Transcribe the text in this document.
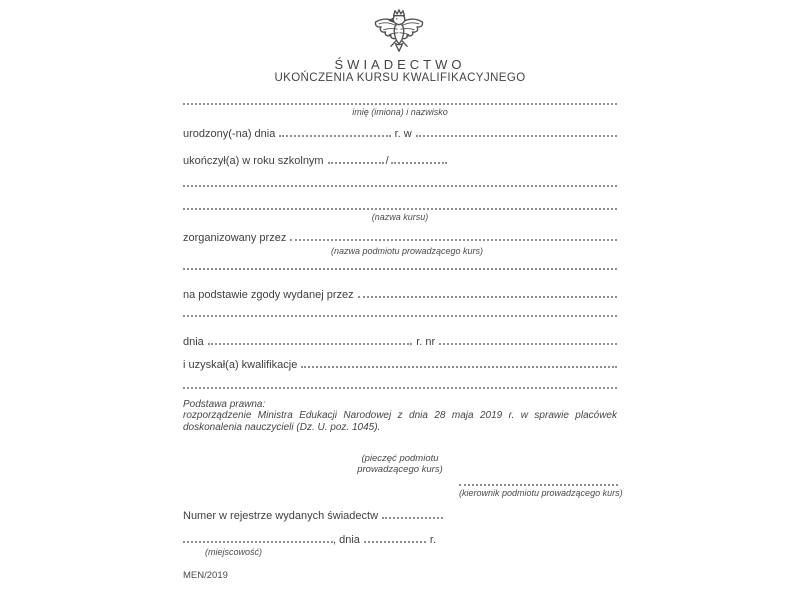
ŚWIADECTWO
UKOŃCZENIA KURSU KWALIFIKACYJNEGO
imię (imiona) i nazwisko
urodzony(-na) dnia	r. w
ukończył(a) w roku szkolnym	/
(nazwa kursu)
zorganizowany przez
(nazwa podmiotu prowadzącego kurs)
na podstawie zgody wydanej przez
dnia	r. nr
i uzyskał(a) kwalifikacje
Podstawa prawna:
rozporządzenie Ministra Edukacji Narodowej z dnia 28 maja 2019 r. w sprawie placówek doskonalenia nauczycieli (Dz. U. poz. 1045).
(pieczęć podmiotu
prowadzącego kurs)
(kierownik podmiotu prowadzącego kurs)
Numer w rejestrze wydanych świadectw
, dnia	r.
(miejscowość)
MEN/2019
